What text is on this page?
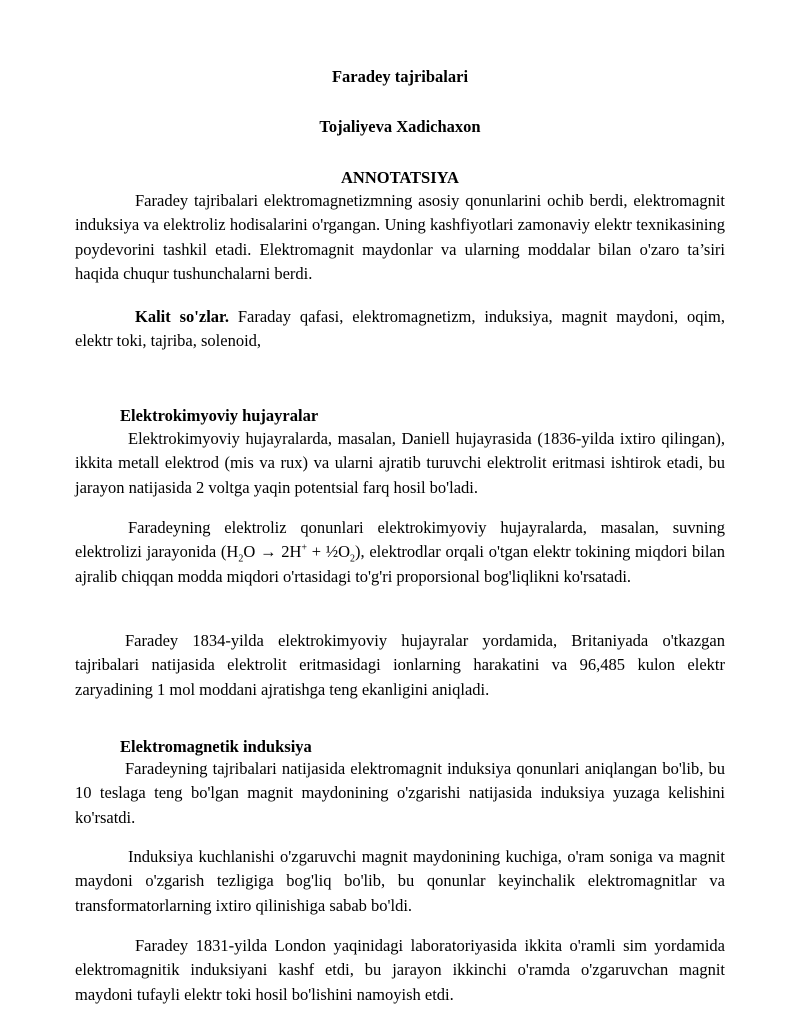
Faradey tajribalari

Tojaliyeva Xadichaxon

ANNOTATSIYA

Faradey tajribalari elektromagnetizmning asosiy qonunlarini ochib berdi, elektromagnit induksiya va elektroliz hodisalarini o'rgangan. Uning kashfiyotlari zamonaviy elektr texnikasining poydevorini tashkil etadi. Elektromagnit maydonlar va ularning moddalar bilan o'zaro ta’siri haqida chuqur tushunchalarni berdi.

Kalit so'zlar. Faraday qafasi, elektromagnetizm, induksiya, magnit maydoni, oqim, elektr toki, tajriba, solenoid,

Elektrokimyoviy hujayralar

Elektrokimyoviy hujayralarda, masalan, Daniell hujayrasida (1836-yilda ixtiro qilingan), ikkita metall elektrod (mis va rux) va ularni ajratib turuvchi elektrolit eritmasi ishtirok etadi, bu jarayon natijasida 2 voltga yaqin potentsial farq hosil bo'ladi.

Faradeyning elektroliz qonunlari elektrokimyoviy hujayralarda, masalan, suvning elektrolizi jarayonida ($H_2O \to 2H^+$ + $\frac{1}{2}O_2$), elektrodlar orqali o'tgan elektr tokining miqdori bilan ajralib chiqqan modda miqdori o'rtasidagi to'g'ri proporsional bog'liqlikni ko'rsatadi.

Faradey 1834-yilda elektrokimyoviy hujayralar yordamida, Britaniyada o'tkazgan tajribalari natijasida elektrolit eritmasidagi ionlarning harakatini va 96,485 kulon elektr zaryadining 1 mol moddani ajratishga teng ekanligini aniqladi.

Elektromagnetik induksiya

Faradeyning tajribalari natijasida elektromagnit induksiya qonunlari aniqlangan bo'lib, bu 10 teslaga teng bo'lgan magnit maydonining o'zgarishi natijasida induksiya yuzaga kelishini ko'rsatdi.

Induksiya kuchlanishi o'zgaruvchi magnit maydonining kuchiga, o'ram soniga va magnit maydoni o'zgarish tezligiga bog'liq bo'lib, bu qonunlar keyinchalik elektromagnitlar va transformatorlarning ixtiro qilinishiga sabab bo'ldi.

Faradey 1831-yilda London yaqinidagi laboratoriyasida ikkita o'ramli sim yordamida elektromagnitik induksiyani kashf etdi, bu jarayon ikkinchi o'ramda o'zgaruvchan magnit maydoni tufayli elektr toki hosil bo'lishini namoyish etdi.
